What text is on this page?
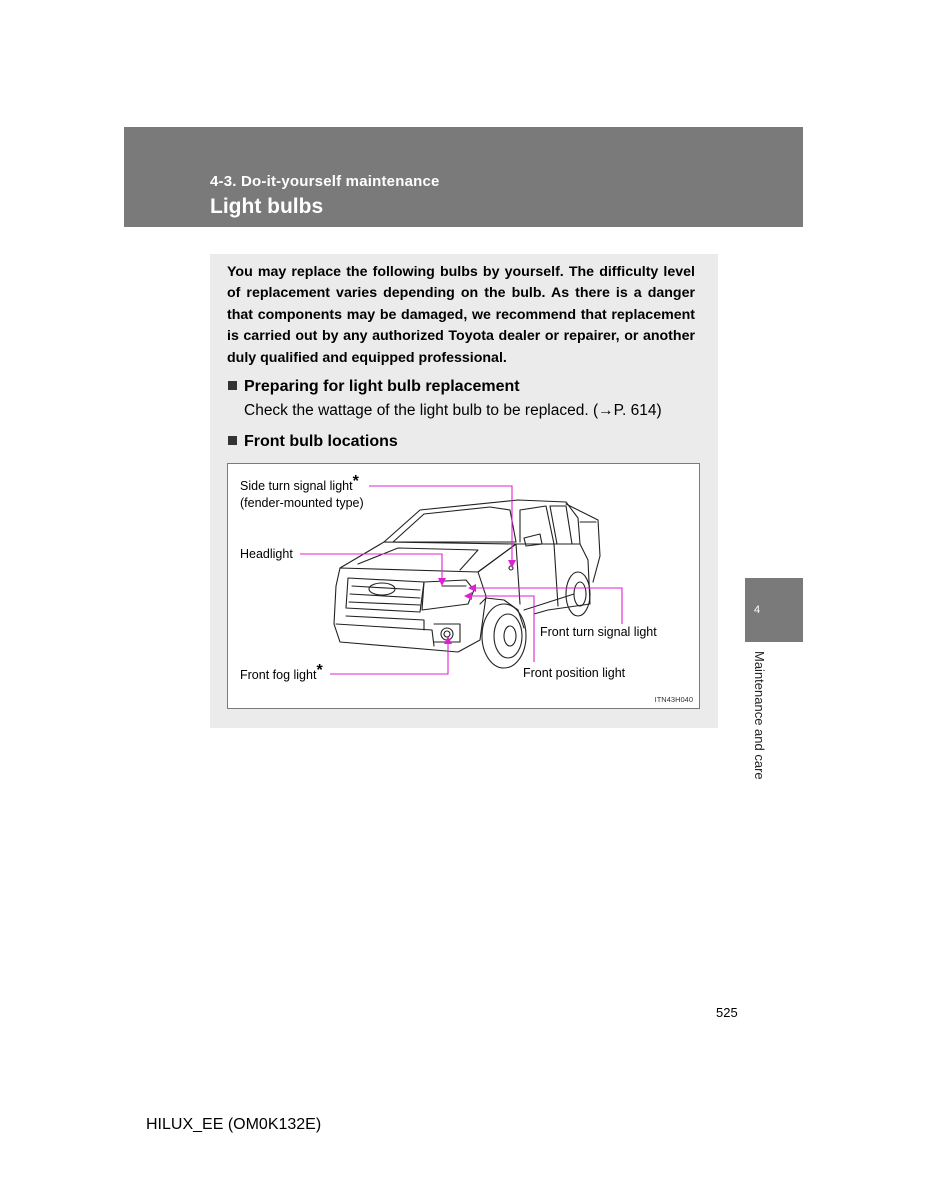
4-3. Do-it-yourself maintenance
Light bulbs
You may replace the following bulbs by yourself. The difficulty level of replacement varies depending on the bulb. As there is a danger that components may be damaged, we recommend that replacement is carried out by any authorized Toyota dealer or repairer, or another duly qualified and equipped professional.
Preparing for light bulb replacement
Check the wattage of the light bulb to be replaced. (→P. 614)
Front bulb locations
Side turn signal light*
(fender-mounted type)
Headlight
Front turn signal light
Front fog light*	Front position light
ITN43H040
4
Maintenance and care
525
HILUX_EE (OM0K132E)
